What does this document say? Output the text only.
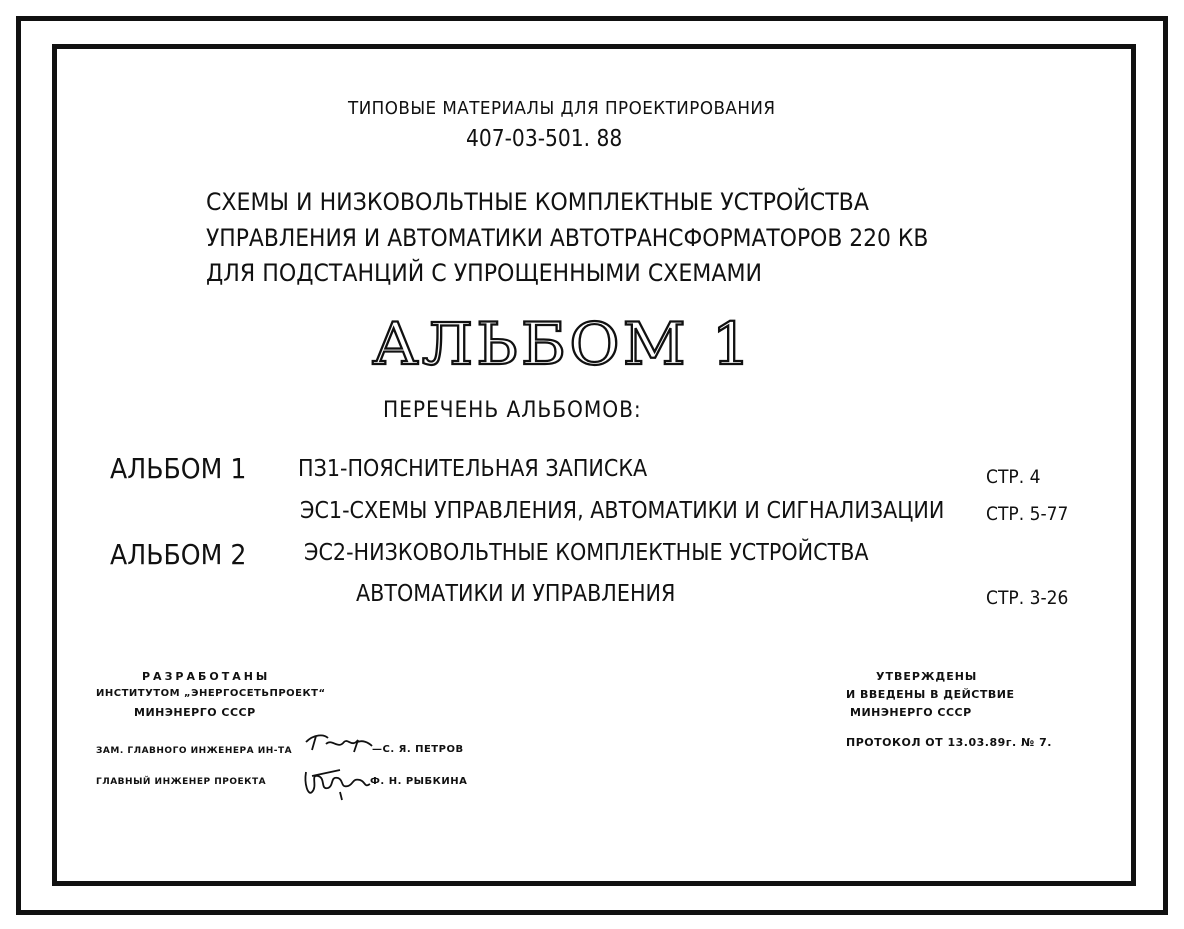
ТИПОВЫЕ МАТЕРИАЛЫ ДЛЯ ПРОЕКТИРОВАНИЯ
407-03-501. 88
СХЕМЫ И НИЗКОВОЛЬТНЫЕ КОМПЛЕКТНЫЕ УСТРОЙСТВА
УПРАВЛЕНИЯ И АВТОМАТИКИ АВТОТРАНСФОРМАТОРОВ 220 КВ
ДЛЯ ПОДСТАНЦИЙ С УПРОЩЕННЫМИ СХЕМАМИ
АЛЬБОМ 1
ПЕРЕЧЕНЬ АЛЬБОМОВ:
АЛЬБОМ 1
АЛЬБОМ 2
ПЗ1-ПОЯСНИТЕЛЬНАЯ ЗАПИСКА
ЭС1-СХЕМЫ УПРАВЛЕНИЯ, АВТОМАТИКИ И СИГНАЛИЗАЦИИ
ЭС2-НИЗКОВОЛЬТНЫЕ КОМПЛЕКТНЫЕ УСТРОЙСТВА
АВТОМАТИКИ И УПРАВЛЕНИЯ
СТР. 4
СТР. 5-77
СТР. 3-26
РАЗРАБОТАНЫ
ИНСТИТУТОМ „ЭНЕРГОСЕТЬПРОЕКТ“
МИНЭНЕРГО СССР
ЗАМ. ГЛАВНОГО ИНЖЕНЕРА ИН-ТА
ГЛАВНЫЙ ИНЖЕНЕР ПРОЕКТА
—С. Я. ПЕТРОВ
Ф. Н. РЫБКИНА
УТВЕРЖДЕНЫ
И ВВЕДЕНЫ В ДЕЙСТВИЕ
МИНЭНЕРГО СССР
ПРОТОКОЛ ОТ 13.03.89г. № 7.
